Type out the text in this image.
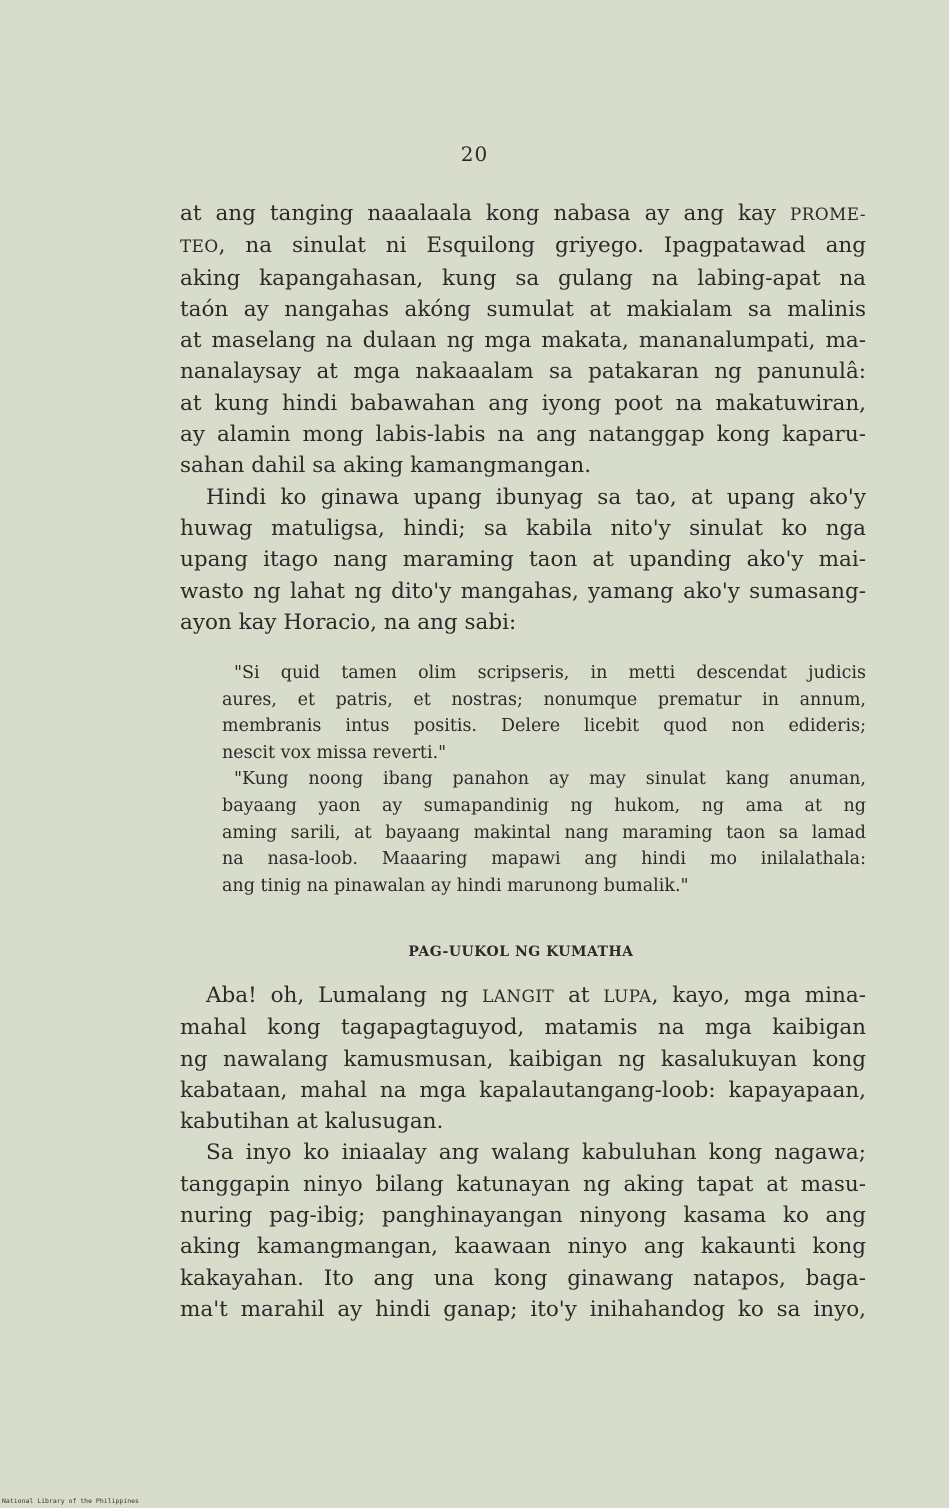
20
at ang tanging naaalaala kong nabasa ay ang kay PROME-
TEO, na sinulat ni Esquilong griyego. Ipagpatawad ang
aking kapangahasan, kung sa gulang na labing-apat na
taón ay nangahas akóng sumulat at makialam sa malinis
at maselang na dulaan ng mga makata, mananalumpati, ma-
nanalaysay at mga nakaaalam sa patakaran ng panunulâ:
at kung hindi babawahan ang iyong poot na makatuwiran,
ay alamin mong labis-labis na ang natanggap kong kaparu-
sahan dahil sa aking kamangmangan.
Hindi ko ginawa upang ibunyag sa tao, at upang ako'y
huwag matuligsa, hindi; sa kabila nito'y sinulat ko nga
upang itago nang maraming taon at upanding ako'y mai-
wasto ng lahat ng dito'y mangahas, yamang ako'y sumasang-
ayon kay Horacio, na ang sabi:
"Si quid tamen olim scripseris, in metti descendat judicis
aures, et patris, et nostras; nonumque prematur in annum,
membranis intus positis. Delere licebit quod non edideris;
nescit vox missa reverti."
"Kung noong ibang panahon ay may sinulat kang anuman,
bayaang yaon ay sumapandinig ng hukom, ng ama at ng
aming sarili, at bayaang makintal nang maraming taon sa lamad
na nasa-loob. Maaaring mapawi ang hindi mo inilalathala:
ang tinig na pinawalan ay hindi marunong bumalik."
PAG-UUKOL NG KUMATHA
Aba! oh, Lumalang ng LANGIT at LUPA, kayo, mga mina-
mahal kong tagapagtaguyod, matamis na mga kaibigan
ng nawalang kamusmusan, kaibigan ng kasalukuyan kong
kabataan, mahal na mga kapalautangang-loob: kapayapaan,
kabutihan at kalusugan.
Sa inyo ko iniaalay ang walang kabuluhan kong nagawa;
tanggapin ninyo bilang katunayan ng aking tapat at masu-
nuring pag-ibig; panghinayangan ninyong kasama ko ang
aking kamangmangan, kaawaan ninyo ang kakaunti kong
kakayahan. Ito ang una kong ginawang natapos, baga-
ma't marahil ay hindi ganap; ito'y inihahandog ko sa inyo,
National Library of the Philippines
